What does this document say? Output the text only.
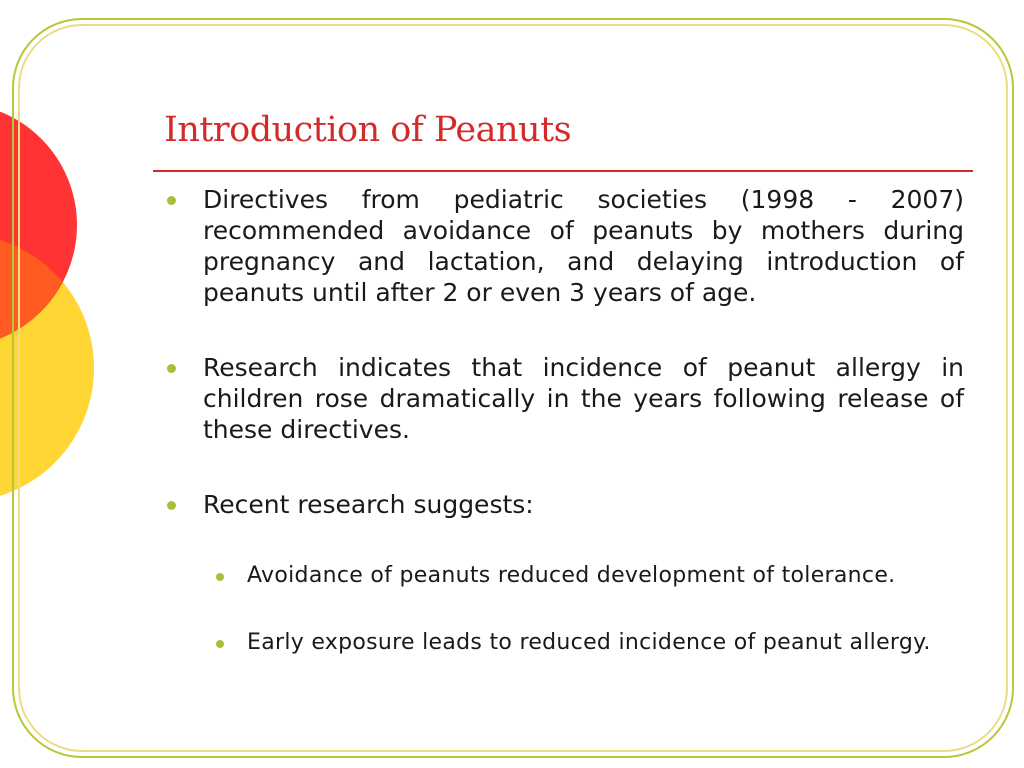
Introduction of Peanuts
Directives from pediatric societies (1998 - 2007) recommended avoidance of peanuts by mothers during pregnancy and lactation, and delaying introduction of peanuts until after 2 or even 3 years of age.
Research indicates that incidence of peanut allergy in children rose dramatically in the years following release of these directives.
Recent research suggests:
Avoidance of peanuts reduced development of tolerance.
Early exposure leads to reduced incidence of peanut allergy.
